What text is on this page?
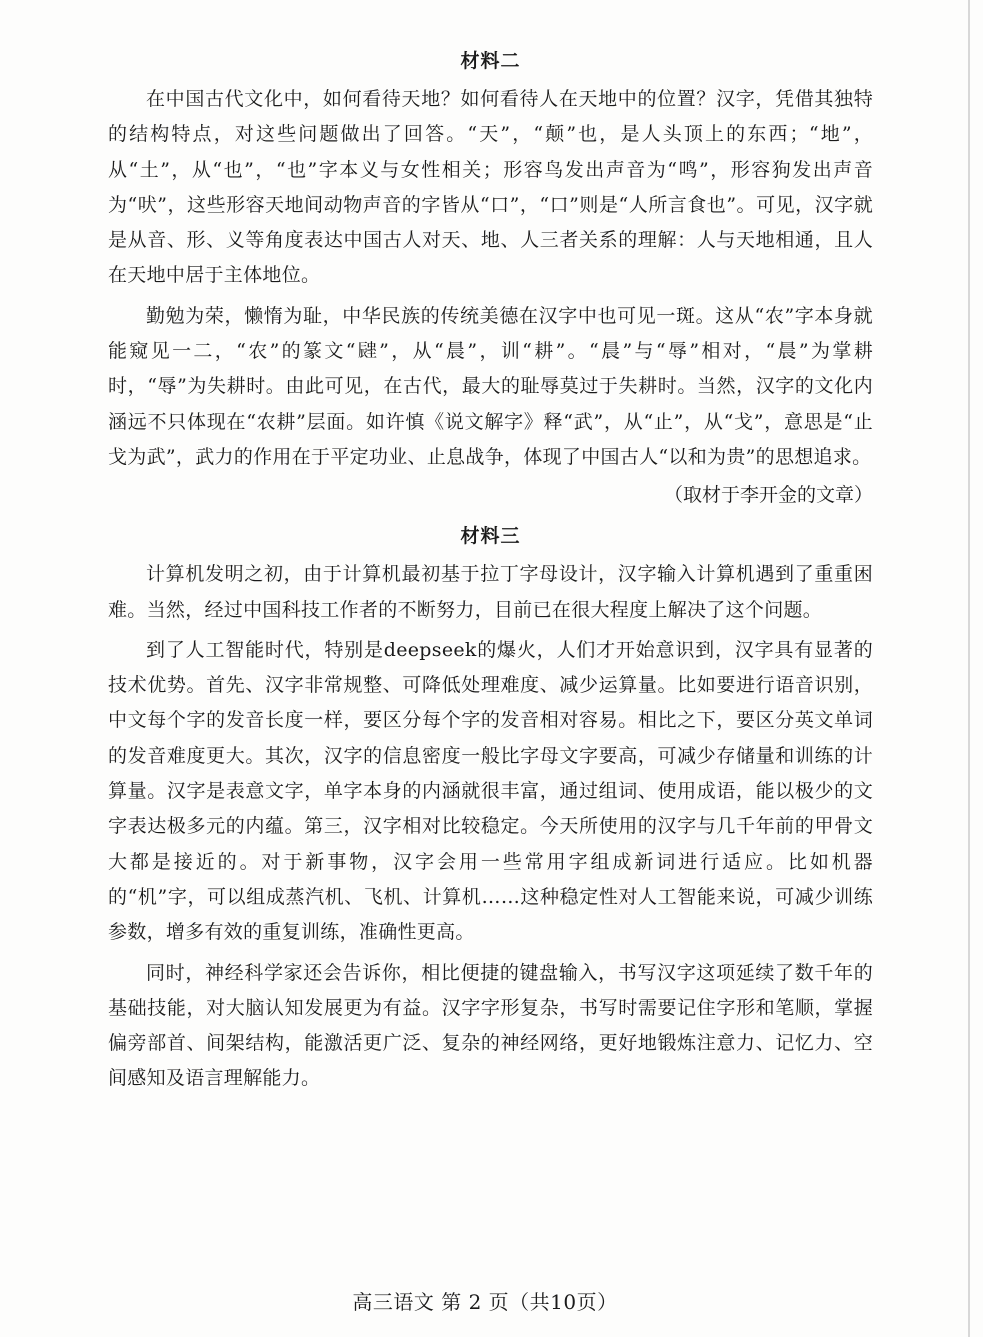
材料二

在中国古代文化中，如何看待天地？如何看待人在天地中的位置？汉字，凭借其独特的结构特点，对这些问题做出了回答。“天”，“颠”也，是人头顶上的东西；“地”，从“土”，从“也”，“也”字本义与女性相关；形容鸟发出声音为“鸣”，形容狗发出声音为“吠”，这些形容天地间动物声音的字皆从“口”，“口”则是“人所言食也”。可见，汉字就是从音、形、义等角度表达中国古人对天、地、人三者关系的理解：人与天地相通，且人在天地中居于主体地位。

勤勉为荣，懒惰为耻，中华民族的传统美德在汉字中也可见一斑。这从“农”字本身就能窥见一二，“农”的篆文“𨑉”，从“晨”，训“耕”。“晨”与“辱”相对，“晨”为掌耕时，“辱”为失耕时。由此可见，在古代，最大的耻辱莫过于失耕时。当然，汉字的文化内涵远不只体现在“农耕”层面。如许慎《说文解字》释“武”，从“止”，从“戈”，意思是“止戈为武”，武力的作用在于平定功业、止息战争，体现了中国古人“以和为贵”的思想追求。

（取材于李开金的文章）
材料三

计算机发明之初，由于计算机最初基于拉丁字母设计，汉字输入计算机遇到了重重困难。当然，经过中国科技工作者的不断努力，目前已在很大程度上解决了这个问题。

到了人工智能时代，特别是deepseek的爆火，人们才开始意识到，汉字具有显著的技术优势。首先、汉字非常规整、可降低处理难度、减少运算量。比如要进行语音识别，中文每个字的发音长度一样，要区分每个字的发音相对容易。相比之下，要区分英文单词的发音难度更大。其次，汉字的信息密度一般比字母文字要高，可减少存储量和训练的计算量。汉字是表意文字，单字本身的内涵就很丰富，通过组词、使用成语，能以极少的文字表达极多元的内蕴。第三，汉字相对比较稳定。今天所使用的汉字与几千年前的甲骨文大都是接近的。对于新事物，汉字会用一些常用字组成新词进行适应。比如机器的“机”字，可以组成蒸汽机、飞机、计算机……这种稳定性对人工智能来说，可减少训练参数，增多有效的重复训练，准确性更高。

同时，神经科学家还会告诉你，相比便捷的键盘输入，书写汉字这项延续了数千年的基础技能，对大脑认知发展更为有益。汉字字形复杂，书写时需要记住字形和笔顺，掌握偏旁部首、间架结构，能激活更广泛、复杂的神经网络，更好地锻炼注意力、记忆力、空间感知及语言理解能力。

高三语文 第 2 页（共10页）
